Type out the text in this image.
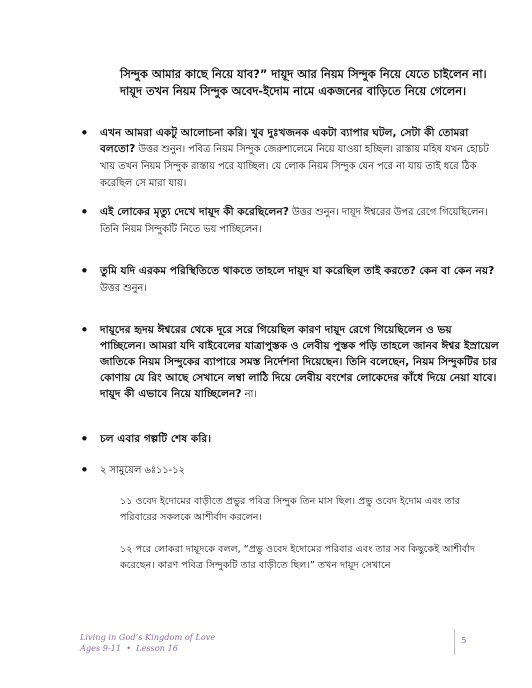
সিন্দুক আমার কাছে নিয়ে যাব?” দায়ূদ আর নিয়ম সিন্দুক নিয়ে যেতে চাইলেন না। দায়ূদ তখন নিয়ম সিন্দুক অবেদ-ইদোম নামে একজনের বাড়িতে নিয়ে গেলেন।

• এখন আমরা একটু আলোচনা করি। খুব দুঃখজনক একটা ব্যাপার ঘটল, সেটা কী তোমরা বলতো? উত্তর শুনুন। পবিত্র নিয়ম সিন্দুক জেরুশালেমে নিয়ে যাওয়া হচ্ছিল। রাস্তায় মহিষ যখন হোচট খায় তখন নিয়ম সিন্দুক রাস্তায় পরে যাচ্ছিল। যে লোক নিয়ম সিন্দুক যেন পরে না যায় তাই ধরে ঠিক করেছিল সে মারা যায়।
• এই লোকের মৃত্যু দেখে দায়ূদ কী করেছিলেন? উত্তর শুনুন। দায়ূদ ঈশ্বরের উপর রেগে গিয়েছিলেন। তিনি নিয়ম সিন্দুকটি নিতে ভয় পাচ্ছিলেন।
• তুমি যদি এরকম পরিস্থিতিতে থাকতে তাহলে দায়ূদ যা করেছিল তাই করতে? কেন বা কেন নয়? উত্তর শুনুন।
• দায়ূদের হৃদয় ঈশ্বরের থেকে দূরে সরে গিয়েছিল কারণ দায়ূদ রেগে গিয়েছিলেন ও ভয় পাচ্ছিলেন। আমরা যদি বাইবেলের যাত্রাপুস্তক ও লেবীয় পুস্তক পড়ি তাহলে জানব ঈশ্বর ইস্রায়েল জাতিকে নিয়ম সিন্দুকের ব্যাপারে সমস্ত নির্দেশনা দিয়েছেন। তিনি বলেছেন, নিয়ম সিন্দুকটির চার কোণায় যে রিং আছে সেখানে লম্বা লাঠি দিয়ে লেবীয় বংশের লোকেদের কাঁধে দিয়ে নেয়া যাবে। দায়ূদ কী এভাবে নিয়ে যাচ্ছিলেন? না।
• চল এবার গল্পটি শেষ করি।
• ২ সামুয়েল ৬ঃ১১-১২

১১ ওবেদ ইদোমের বাড়ীতে প্রভুর পবিত্র সিন্দুক তিন মাস ছিল। প্রভু ওবেদ ইদোম এবং তার পরিবারের সকলকে আশীর্বাদ করলেন।

১২ পরে লোকরা দায়ূদকে বলল, “প্রভু ওবেদ ইদোমের পরিবার এবং তার সব কিছুকেই আশীর্বাদ করেছেন। কারণ পবিত্র সিন্দুকটি তার বাড়ীতে ছিল।” তখন দায়ূদ সেখানে

Living in God’s Kingdom of Love
Ages 9-11 • Lesson 16
5
